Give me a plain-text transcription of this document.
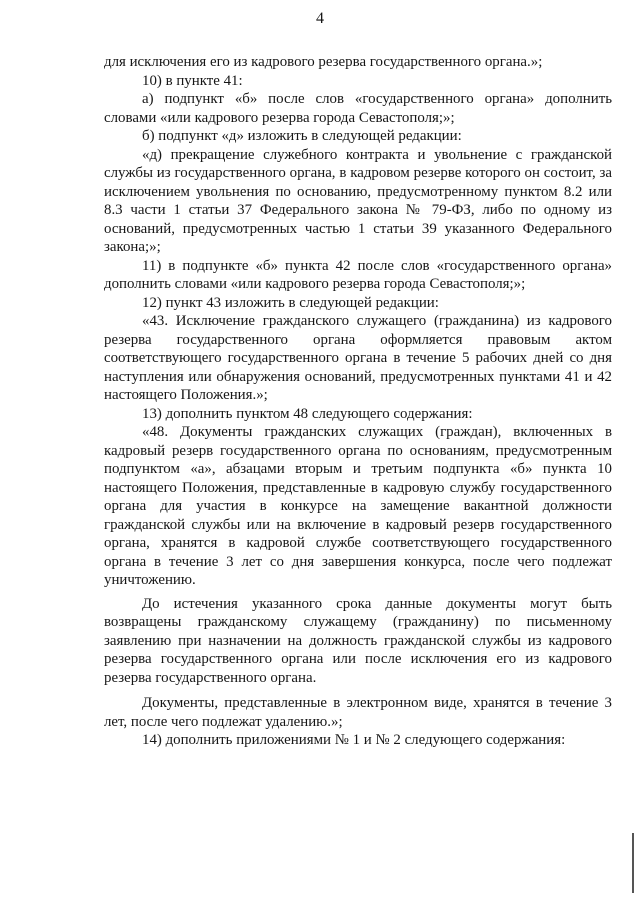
4

для исключения его из кадрового резерва государственного органа.»;

10) в пункте 41:

а) подпункт «б» после слов «государственного органа» дополнить словами «или кадрового резерва города Севастополя;»;

б) подпункт «д» изложить в следующей редакции:

«д) прекращение служебного контракта и увольнение с гражданской службы из государственного органа, в кадровом резерве которого он состоит, за исключением увольнения по основанию, предусмотренному пунктом 8.2 или 8.3 части 1 статьи 37 Федерального закона № 79-ФЗ, либо по одному из оснований, предусмотренных частью 1 статьи 39 указанного Федерального закона;»;

11) в подпункте «б» пункта 42 после слов «государственного органа» дополнить словами «или кадрового резерва города Севастополя;»;

12) пункт 43 изложить в следующей редакции:

«43. Исключение гражданского служащего (гражданина) из кадрового резерва государственного органа оформляется правовым актом соответствующего государственного органа в течение 5 рабочих дней со дня наступления или обнаружения оснований, предусмотренных пунктами 41 и 42 настоящего Положения.»;

13) дополнить пунктом 48 следующего содержания:

«48. Документы гражданских служащих (граждан), включенных в кадровый резерв государственного органа по основаниям, предусмотренным подпунктом «а», абзацами вторым и третьим подпункта «б» пункта 10 настоящего Положения, представленные в кадровую службу государственного органа для участия в конкурсе на замещение вакантной должности гражданской службы или на включение в кадровый резерв государственного органа, хранятся в кадровой службе соответствующего государственного органа в течение 3 лет со дня завершения конкурса, после чего подлежат уничтожению.

До истечения указанного срока данные документы могут быть возвращены гражданскому служащему (гражданину) по письменному заявлению при назначении на должность гражданской службы из кадрового резерва государственного органа или после исключения его из кадрового резерва государственного органа.

Документы, представленные в электронном виде, хранятся в течение 3 лет, после чего подлежат удалению.»;

14) дополнить приложениями № 1 и № 2 следующего содержания:
